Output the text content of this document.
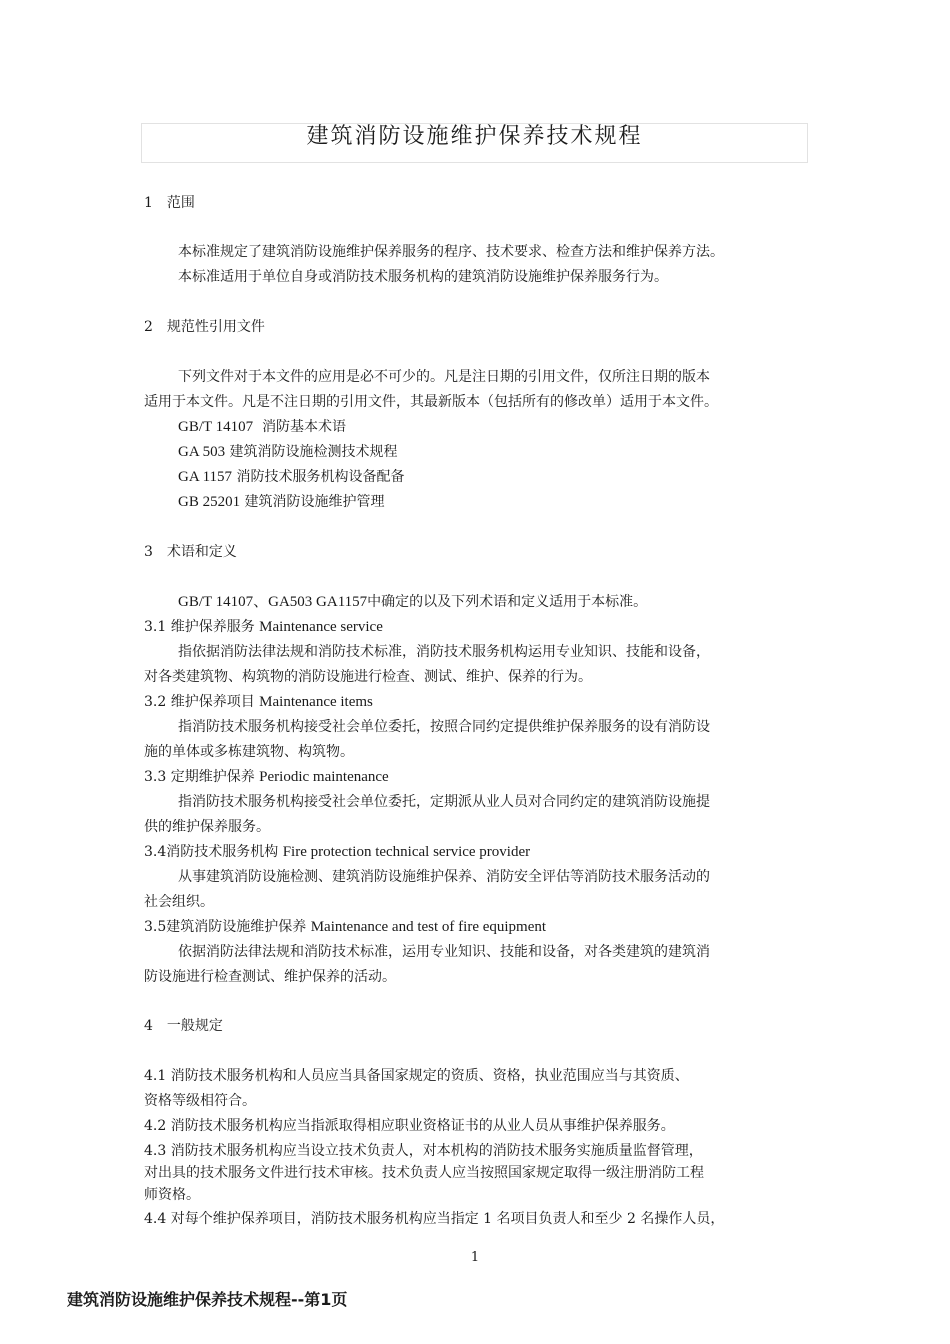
建筑消防设施维护保养技术规程
1　范围

本标准规定了建筑消防设施维护保养服务的程序、技术要求、检查方法和维护保养方法。

本标准适用于单位自身或消防技术服务机构的建筑消防设施维护保养服务行为。

2　规范性引用文件

下列文件对于本文件的应用是必不可少的。凡是注日期的引用文件，仅所注日期的版本

适用于本文件。凡是不注日期的引用文件，其最新版本（包括所有的修改单）适用于本文件。

GB/T 14107 消防基本术语

GA 503 建筑消防设施检测技术规程

GA 1157 消防技术服务机构设备配备

GB 25201 建筑消防设施维护管理

3　术语和定义

GB/T 14107、GA503 GA1157中确定的以及下列术语和定义适用于本标准。

3.1 维护保养服务 Maintenance service

指依据消防法律法规和消防技术标准，消防技术服务机构运用专业知识、技能和设备，

对各类建筑物、构筑物的消防设施进行检查、测试、维护、保养的行为。

3.2 维护保养项目 Maintenance items

指消防技术服务机构接受社会单位委托，按照合同约定提供维护保养服务的设有消防设

施的单体或多栋建筑物、构筑物。

3.3 定期维护保养 Periodic maintenance

指消防技术服务机构接受社会单位委托，定期派从业人员对合同约定的建筑消防设施提

供的维护保养服务。

3.4消防技术服务机构 Fire protection technical service provider

从事建筑消防设施检测、建筑消防设施维护保养、消防安全评估等消防技术服务活动的

社会组织。

3.5建筑消防设施维护保养 Maintenance and test of fire equipment

依据消防法律法规和消防技术标准，运用专业知识、技能和设备，对各类建筑的建筑消

防设施进行检查测试、维护保养的活动。

4　一般规定

4.1 消防技术服务机构和人员应当具备国家规定的资质、资格，执业范围应当与其资质、

资格等级相符合。

4.2 消防技术服务机构应当指派取得相应职业资格证书的从业人员从事维护保养服务。

4.3 消防技术服务机构应当设立技术负责人，对本机构的消防技术服务实施质量监督管理，

对出具的技术服务文件进行技术审核。技术负责人应当按照国家规定取得一级注册消防工程

师资格。

4.4 对每个维护保养项目，消防技术服务机构应当指定 1 名项目负责人和至少 2 名操作人员，

1
建筑消防设施维护保养技术规程--第1页
